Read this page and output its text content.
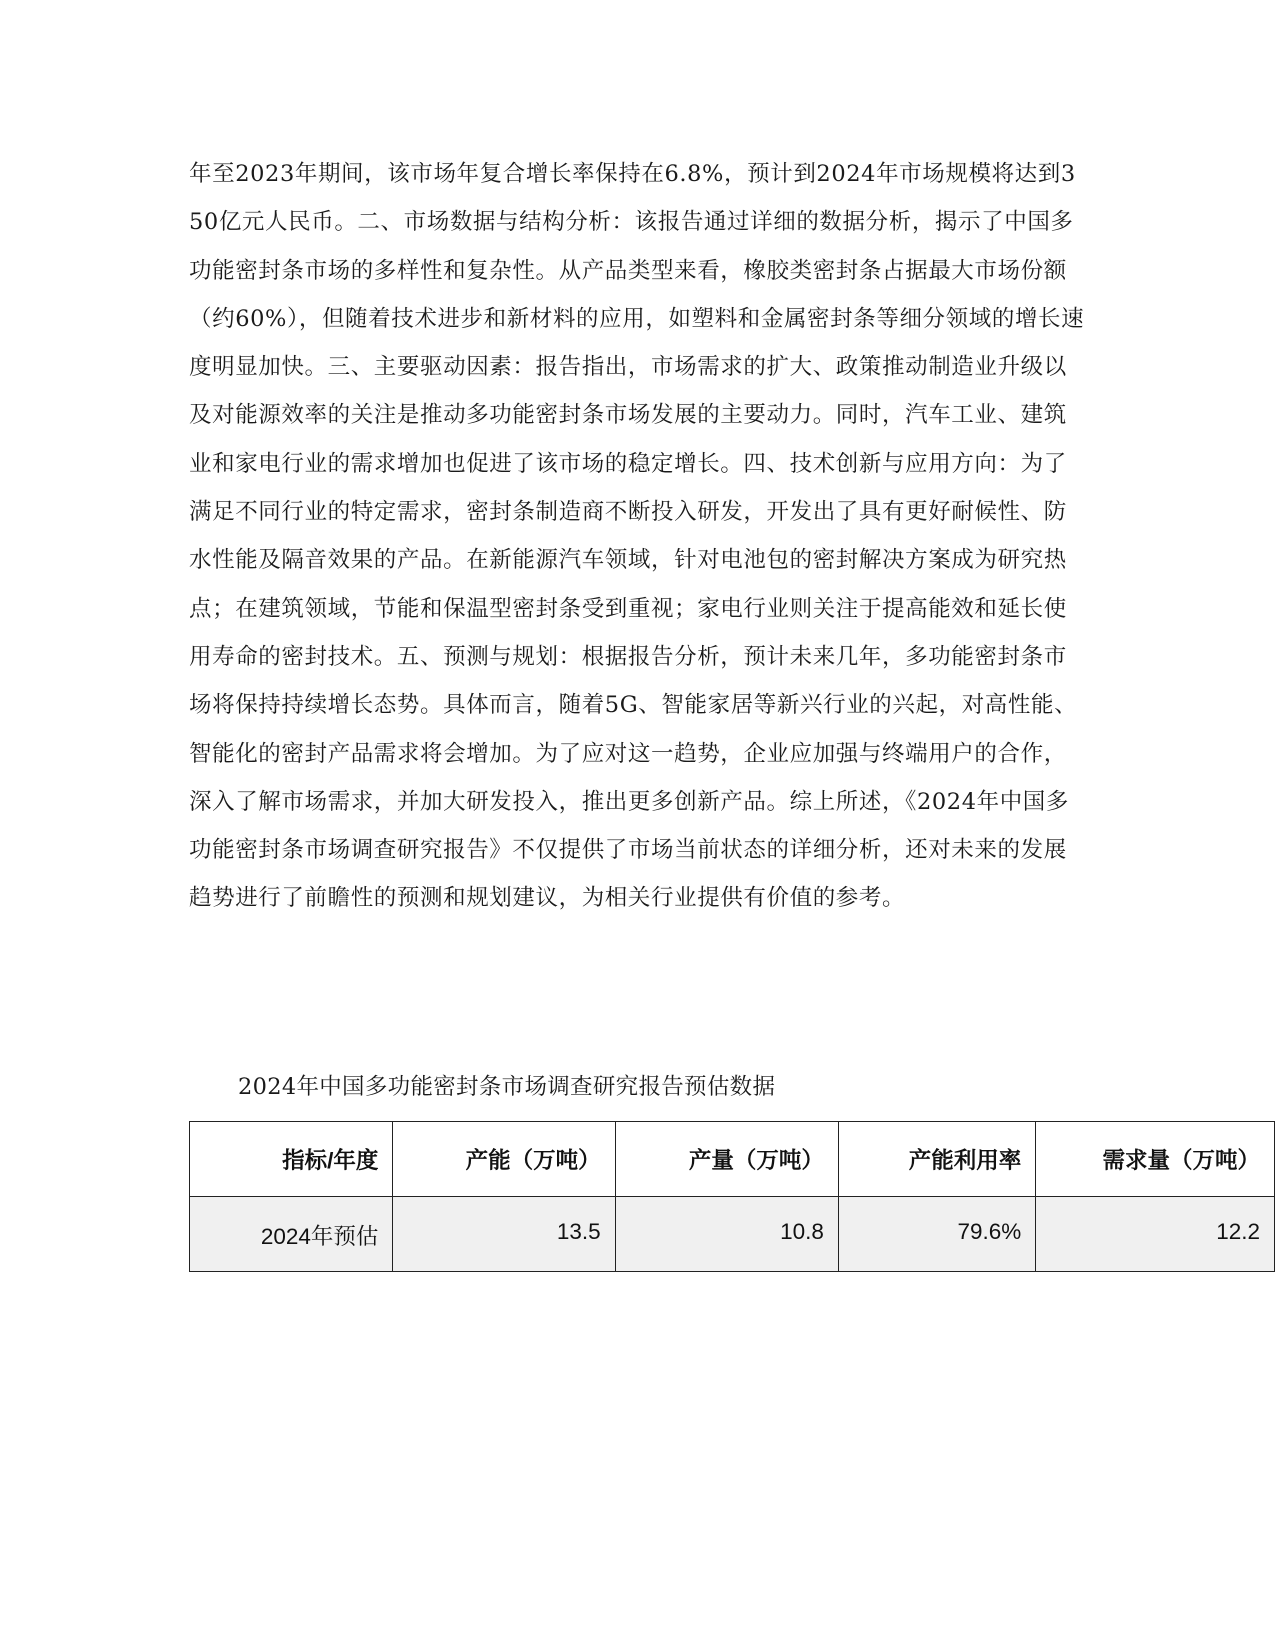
年至2023年期间，该市场年复合增长率保持在6.8%，预计到2024年市场规模将达到350亿元人民币。二、市场数据与结构分析：该报告通过详细的数据分析，揭示了中国多功能密封条市场的多样性和复杂性。从产品类型来看，橡胶类密封条占据最大市场份额（约60%），但随着技术进步和新材料的应用，如塑料和金属密封条等细分领域的增长速度明显加快。三、主要驱动因素：报告指出，市场需求的扩大、政策推动制造业升级以及对能源效率的关注是推动多功能密封条市场发展的主要动力。同时，汽车工业、建筑业和家电行业的需求增加也促进了该市场的稳定增长。四、技术创新与应用方向：为了满足不同行业的特定需求，密封条制造商不断投入研发，开发出了具有更好耐候性、防水性能及隔音效果的产品。在新能源汽车领域，针对电池包的密封解决方案成为研究热点；在建筑领域，节能和保温型密封条受到重视；家电行业则关注于提高能效和延长使用寿命的密封技术。五、预测与规划：根据报告分析，预计未来几年，多功能密封条市场将保持持续增长态势。具体而言，随着5G、智能家居等新兴行业的兴起，对高性能、智能化的密封产品需求将会增加。为了应对这一趋势，企业应加强与终端用户的合作，深入了解市场需求，并加大研发投入，推出更多创新产品。综上所述，《2024年中国多功能密封条市场调查研究报告》不仅提供了市场当前状态的详细分析，还对未来的发展趋势进行了前瞻性的预测和规划建议，为相关行业提供有价值的参考。

2024年中国多功能密封条市场调查研究报告预估数据

指标/年度	产能（万吨）	产量（万吨）	产能利用率	需求量（万吨）
2024年预估	13.5	10.8	79.6%	12.2
